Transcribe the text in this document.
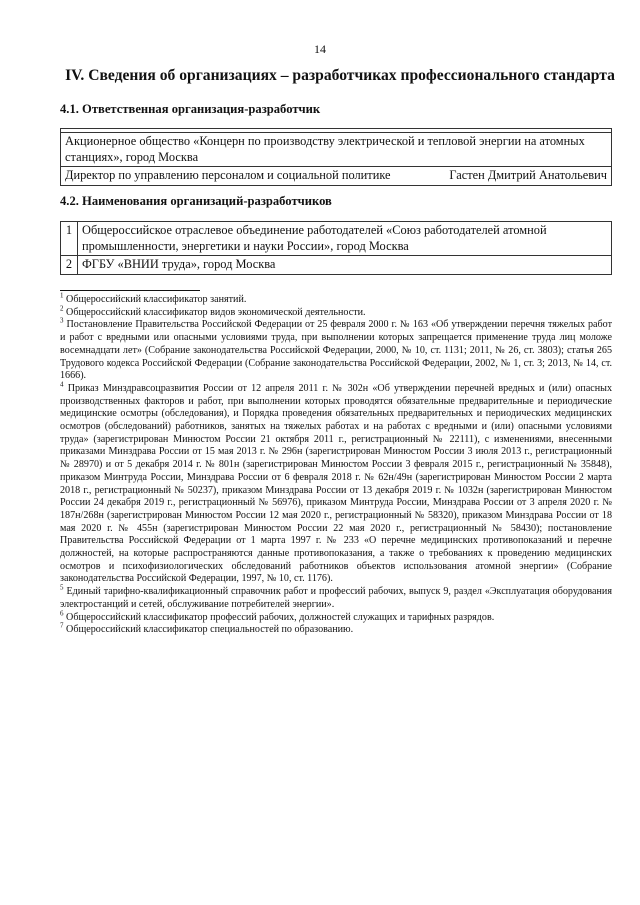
14
IV. Сведения об организациях – разработчиках профессионального стандарта
4.1. Ответственная организация-разработчик

Акционерное общество «Концерн по производству электрической и тепловой энергии на атомных станциях», город Москва

Директор по управлению персоналом и социальной политике	Гастен Дмитрий Анатольевич
4.2. Наименования организаций-разработчиков
1	Общероссийское отраслевое объединение работодателей «Союз работодателей атомной промышленности, энергетики и науки России», город Москва
2	ФГБУ «ВНИИ труда», город Москва

$^1$ Общероссийский классификатор занятий.

$^2$ Общероссийский классификатор видов экономической деятельности.

$^3$ Постановление Правительства Российской Федерации от 25 февраля 2000 г. № 163 «Об утверждении перечня тяжелых работ и работ с вредными или опасными условиями труда, при выполнении которых запрещается применение труда лиц моложе восемнадцати лет» (Собрание законодательства Российской Федерации, 2000, № 10, ст. 1131; 2011, № 26, ст. 3803); статья 265 Трудового кодекса Российской Федерации (Собрание законодательства Российской Федерации, 2002, № 1, ст. 3; 2013, № 14, ст. 1666).

$^4$ Приказ Минздравсоцразвития России от 12 апреля 2011 г. № 302н «Об утверждении перечней вредных и (или) опасных производственных факторов и работ, при выполнении которых проводятся обязательные предварительные и периодические медицинские осмотры (обследования), и Порядка проведения обязательных предварительных и периодических медицинских осмотров (обследований) работников, занятых на тяжелых работах и на работах с вредными и (или) опасными условиями труда» (зарегистрирован Минюстом России 21 октября 2011 г., регистрационный № 22111), с изменениями, внесенными приказами Минздрава России от 15 мая 2013 г. № 296н (зарегистрирован Минюстом России 3 июля 2013 г., регистрационный № 28970) и от 5 декабря 2014 г. № 801н (зарегистрирован Минюстом России 3 февраля 2015 г., регистрационный № 35848), приказом Минтруда России, Минздрава России от 6 февраля 2018 г. № 62н/49н (зарегистрирован Минюстом России 2 марта 2018 г., регистрационный № 50237), приказом Минздрава России от 13 декабря 2019 г. № 1032н (зарегистрирован Минюстом России 24 декабря 2019 г., регистрационный № 56976), приказом Минтруда России, Минздрава России от 3 апреля 2020 г. № 187н/268н (зарегистрирован Минюстом России 12 мая 2020 г., регистрационный № 58320), приказом Минздрава России от 18 мая 2020 г. № 455н (зарегистрирован Минюстом России 22 мая 2020 г., регистрационный № 58430); постановление Правительства Российской Федерации от 1 марта 1997 г. № 233 «О перечне медицинских противопоказаний и перечне должностей, на которые распространяются данные противопоказания, а также о требованиях к проведению медицинских осмотров и психофизиологических обследований работников объектов использования атомной энергии» (Собрание законодательства Российской Федерации, 1997, № 10, ст. 1176).

$^5$ Единый тарифно-квалификационный справочник работ и профессий рабочих, выпуск 9, раздел «Эксплуатация оборудования электростанций и сетей, обслуживание потребителей энергии».

$^6$ Общероссийский классификатор профессий рабочих, должностей служащих и тарифных разрядов.

$^7$ Общероссийский классификатор специальностей по образованию.
